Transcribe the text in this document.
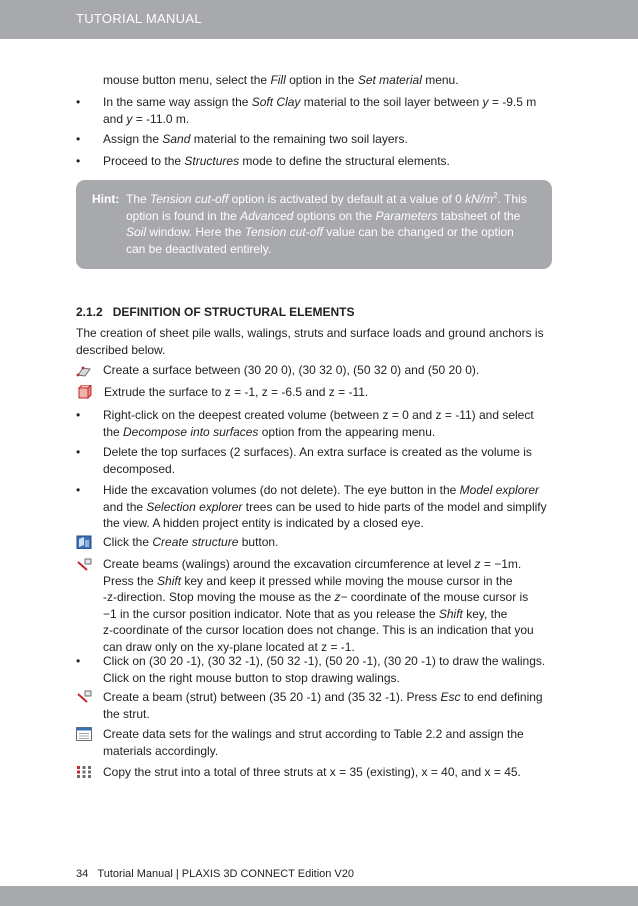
TUTORIAL MANUAL
mouse button menu, select the Fill option in the Set material menu.
•	In the same way assign the Soft Clay material to the soil layer between y = -9.5 m
and y = -11.0 m.
•	Assign the Sand material to the remaining two soil layers.
•	Proceed to the Structures mode to define the structural elements.
Hint: The Tension cut-off option is activated by default at a value of 0 $kN/m^2$. This
option is found in the Advanced options on the Parameters tabsheet of the
Soil window. Here the Tension cut-off value can be changed or the option
can be deactivated entirely.
2.1.2 DEFINITION OF STRUCTURAL ELEMENTS
The creation of sheet pile walls, walings, struts and surface loads and ground anchors is
described below.
Create a surface between (30 20 0), (30 32 0), (50 32 0) and (50 20 0).
Extrude the surface to z = -1, z = -6.5 and z = -11.
•	Right-click on the deepest created volume (between z = 0 and z = -11) and select
the Decompose into surfaces option from the appearing menu.
•	Delete the top surfaces (2 surfaces). An extra surface is created as the volume is
decomposed.
•	Hide the excavation volumes (do not delete). The eye button in the Model explorer
and the Selection explorer trees can be used to hide parts of the model and simplify
the view. A hidden project entity is indicated by a closed eye.
Click the Create structure button.
Create beams (walings) around the excavation circumference at level z = −1m.
Press the Shift key and keep it pressed while moving the mouse cursor in the
-z-direction. Stop moving the mouse as the z− coordinate of the mouse cursor is
−1 in the cursor position indicator. Note that as you release the Shift key, the
z-coordinate of the cursor location does not change. This is an indication that you
can draw only on the xy-plane located at z = -1.
•	Click on (30 20 -1), (30 32 -1), (50 32 -1), (50 20 -1), (30 20 -1) to draw the walings.
Click on the right mouse button to stop drawing walings.
Create a beam (strut) between (35 20 -1) and (35 32 -1). Press Esc to end defining
the strut.
Create data sets for the walings and strut according to Table 2.2 and assign the
materials accordingly.
Copy the strut into a total of three struts at x = 35 (existing), x = 40, and x = 45.
34 Tutorial Manual | PLAXIS 3D CONNECT Edition V20
